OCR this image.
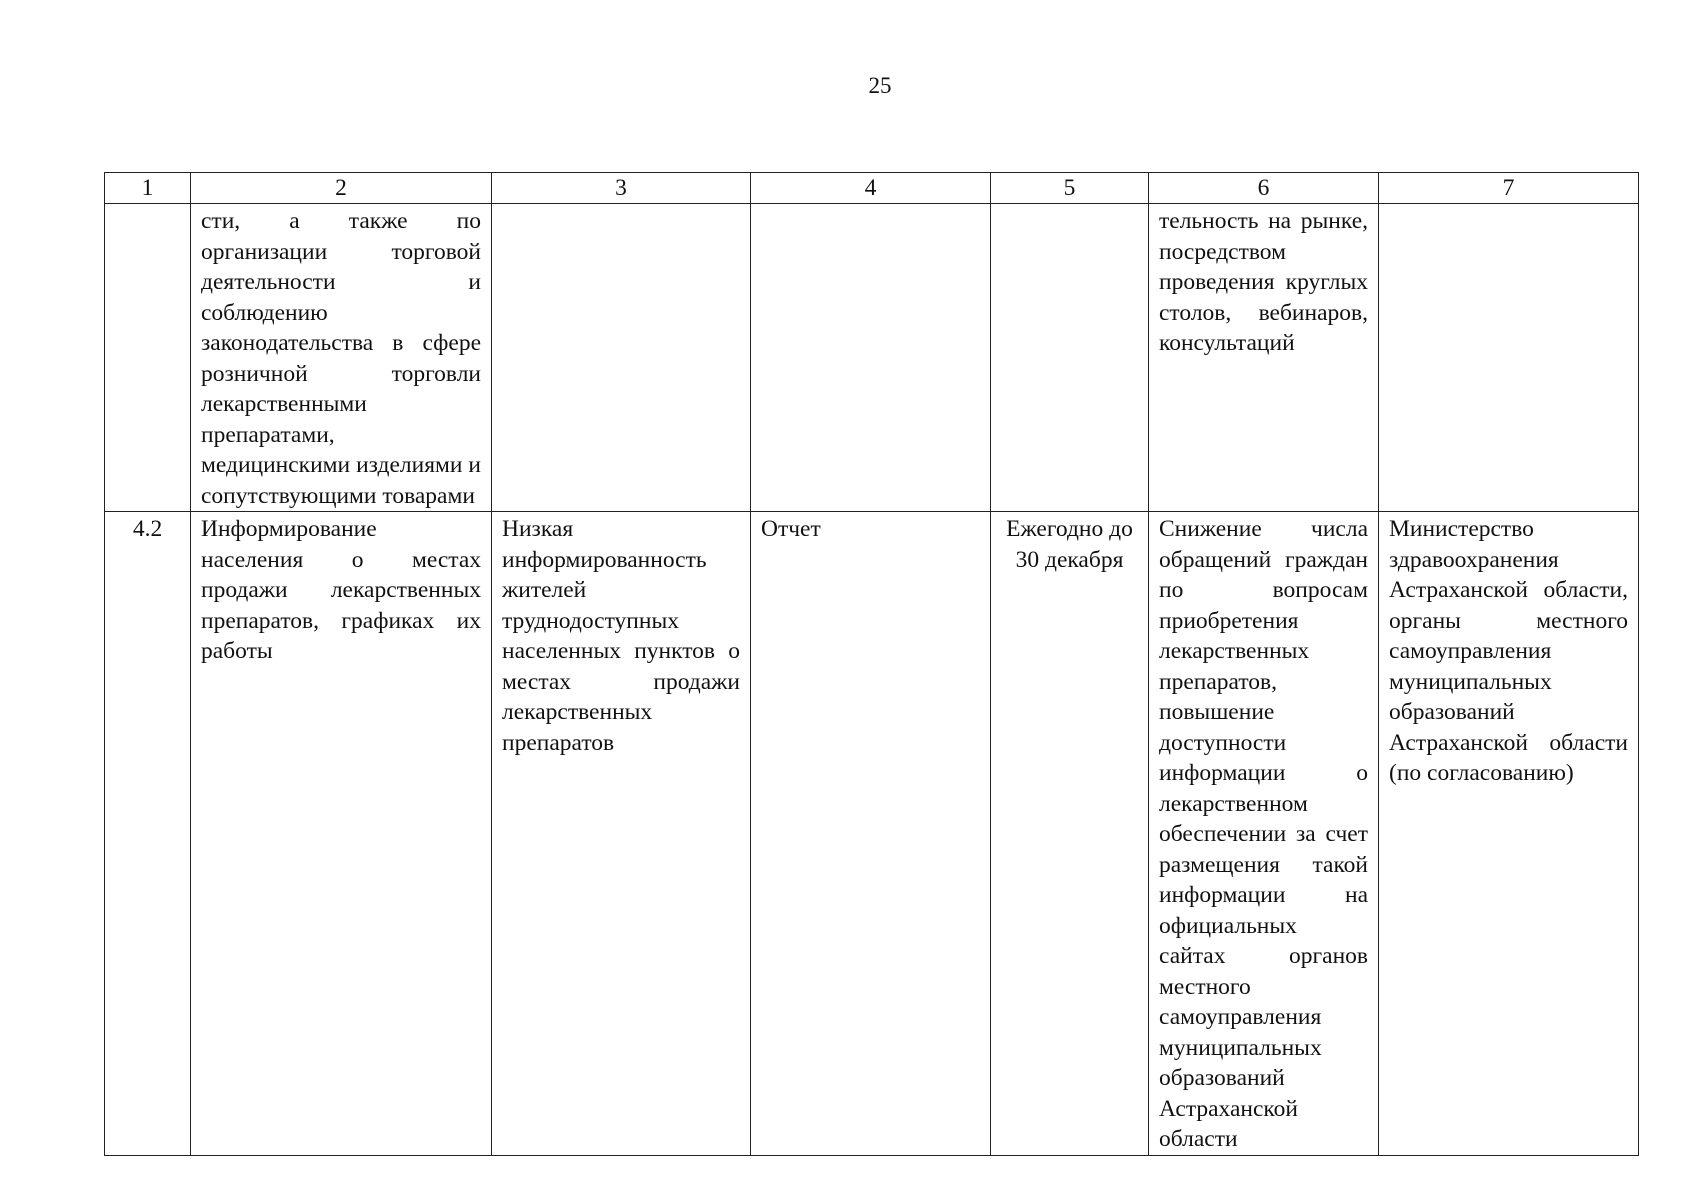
25
1	2	3	4	5	6	7
	сти, а также по организации торговой деятельности и соблюдению законодательства в сфере розничной торговли лекарственными препаратами, медицинскими изделиями и сопутствующими товарами				тельность на рынке, посредством проведения круглых столов, вебинаров, консультаций	
4.2	Информирование населения о местах продажи лекарственных препаратов, графиках их работы	Низкая информированность жителей труднодоступных населенных пунктов о местах продажи лекарственных препаратов	Отчет	Ежегодно до 30 декабря	Снижение числа обращений граждан по вопросам приобретения лекарственных препаратов, повышение доступности информации о лекарственном обеспечении за счет размещения такой информации на официальных сайтах органов местного самоуправления муниципальных образований Астраханской области	Министерство здравоохранения Астраханской области, органы местного самоуправления муниципальных образований Астраханской области (по согласованию)
